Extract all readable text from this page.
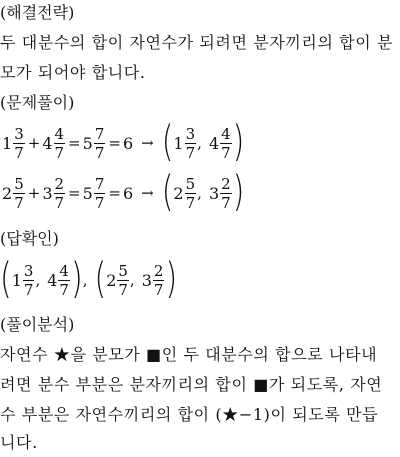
(해결전략)
두 대분수의 합이 자연수가 되려면 분자끼리의 합이 분
모가 되어야 합니다.
(문제풀이)
$1 \frac{3}{7} + 4 \frac{4}{7} = 5 \frac{7}{7} = 6$ → ( $1 \frac{3}{7}$ , $4 \frac{4}{7}$ )
$2 \frac{5}{7} + 3 \frac{2}{7} = 5 \frac{7}{7} = 6$ → ( $2 \frac{5}{7}$ , $3 \frac{2}{7}$ )
(답확인)
( $1 \frac{3}{7}$ , $4 \frac{4}{7}$ ) , ( $2 \frac{5}{7}$ , $3 \frac{2}{7}$ )
(풀이분석)
자연수 ★을 분모가 ■인 두 대분수의 합으로 나타내
려면 분수 부분은 분자끼리의 합이 ■가 되도록, 자연
수 부분은 자연수끼리의 합이 (★−1)이 되도록 만듭
니다.
